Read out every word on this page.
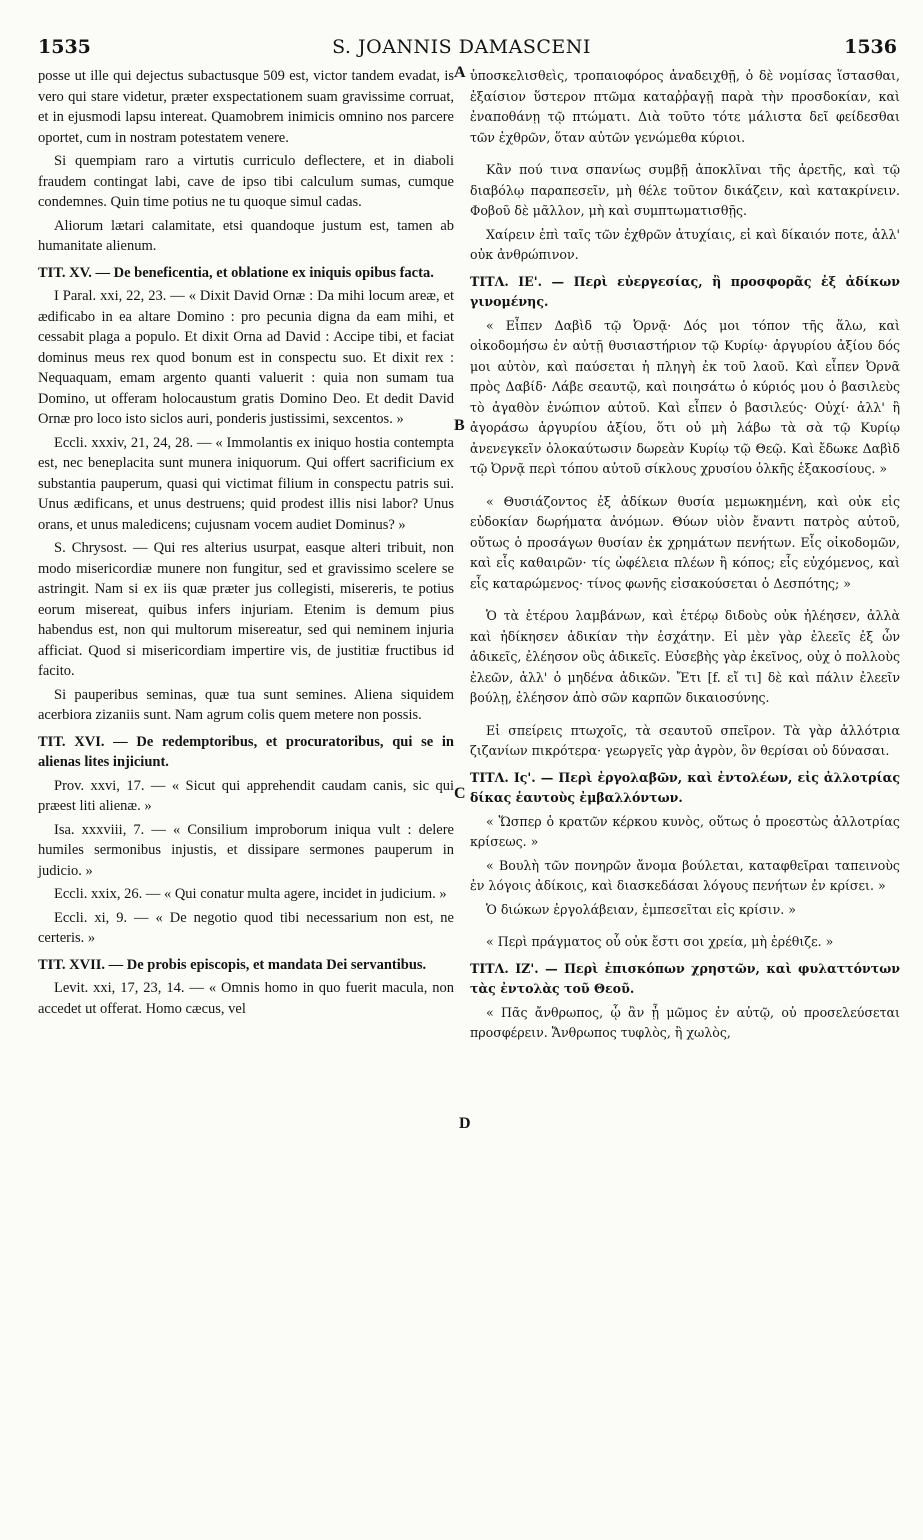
1535	S. JOANNIS DAMASCENI	1536
A
B
C
D

posse ut ille qui dejectus subactusque 509 est, victor tandem evadat, is vero qui stare videtur, præter exspectationem suam gravissime corruat, et in ejusmodi lapsu intereat. Quamobrem inimicis omnino nos parcere oportet, cum in nostram potestatem venere.

Si quempiam raro a virtutis curriculo deflectere, et in diaboli fraudem contingat labi, cave de ipso tibi calculum sumas, cumque condemnes. Quin time potius ne tu quoque simul cadas.

Aliorum lætari calamitate, etsi quandoque justum est, tamen ab humanitate alienum.

TIT. XV. — De beneficentia, et oblatione ex iniquis opibus facta.

I Paral. xxi, 22, 23. — « Dixit David Ornæ : Da mihi locum areæ, et ædificabo in ea altare Domino : pro pecunia digna da eam mihi, et cessabit plaga a populo. Et dixit Orna ad David : Accipe tibi, et faciat dominus meus rex quod bonum est in conspectu suo. Et dixit rex : Nequaquam, emam argento quanti valuerit : quia non sumam tua Domino, ut offeram holocaustum gratis Domino Deo. Et dedit David Ornæ pro loco isto siclos auri, ponderis justissimi, sexcentos. »

Eccli. xxxiv, 21, 24, 28. — « Immolantis ex iniquo hostia contempta est, nec beneplacita sunt munera iniquorum. Qui offert sacrificium ex substantia pauperum, quasi qui victimat filium in conspectu patris sui. Unus ædificans, et unus destruens; quid prodest illis nisi labor? Unus orans, et unus maledicens; cujusnam vocem audiet Dominus? »

S. Chrysost. — Qui res alterius usurpat, easque alteri tribuit, non modo misericordiæ munere non fungitur, sed et gravissimo scelere se astringit. Nam si ex iis quæ præter jus collegisti, misereris, te potius eorum misereat, quibus infers injuriam. Etenim is demum pius habendus est, non qui multorum misereatur, sed qui neminem injuria afficiat. Quod si misericordiam impertire vis, de justitiæ fructibus id facito.

Si pauperibus seminas, quæ tua sunt semines. Aliena siquidem acerbiora zizaniis sunt. Nam agrum colis quem metere non possis.

TIT. XVI. — De redemptoribus, et procuratoribus, qui se in alienas lites injiciunt.

Prov. xxvi, 17. — « Sicut qui apprehendit caudam canis, sic qui præest liti alienæ. »

Isa. xxxviii, 7. — « Consilium improborum iniqua vult : delere humiles sermonibus injustis, et dissipare sermones pauperum in judicio. »

Eccli. xxix, 26. — « Qui conatur multa agere, incidet in judicium. »

Eccli. xi, 9. — « De negotio quod tibi necessarium non est, ne certeris. »

TIT. XVII. — De probis episcopis, et mandata Dei servantibus.

Levit. xxi, 17, 23, 14. — « Omnis homo in quo fuerit macula, non accedet ut offerat. Homo cæcus, vel

ὑποσκελισθεὶς, τροπαιοφόρος ἀναδειχθῇ, ὁ δὲ νομίσας ἵστασθαι, ἐξαίσιον ὕστερον πτῶμα καταῤῥαγῇ παρὰ τὴν προσδοκίαν, καὶ ἐναποθάνῃ τῷ πτώματι. Διὰ τοῦτο τότε μάλιστα δεῖ φείδεσθαι τῶν ἐχθρῶν, ὅταν αὐτῶν γενώμεθα κύριοι.

Κἂν πού τινα σπανίως συμβῇ ἀποκλῖναι τῆς ἀρετῆς, καὶ τῷ διαβόλῳ παραπεσεῖν, μὴ θέλε τοῦτον δικάζειν, καὶ κατακρίνειν. Φοβοῦ δὲ μᾶλλον, μὴ καὶ συμπτωματισθῇς.

Χαίρειν ἐπὶ ταῖς τῶν ἐχθρῶν ἀτυχίαις, εἰ καὶ δίκαιόν ποτε, ἀλλ' οὐκ ἀνθρώπινον.

ΤΙΤΛ. ΙΕ'. — Περὶ εὐεργεσίας, ἢ προσφορᾶς ἐξ ἀδίκων γινομένης.

« Εἶπεν Δαβὶδ τῷ Ὀρνᾷ· Δός μοι τόπον τῆς ἅλω, καὶ οἰκοδομήσω ἐν αὐτῇ θυσιαστήριον τῷ Κυρίῳ· ἀργυρίου ἀξίου δός μοι αὐτὸν, καὶ παύσεται ἡ πληγὴ ἐκ τοῦ λαοῦ. Καὶ εἶπεν Ὀρνᾶ πρὸς Δαβίδ· Λάβε σεαυτῷ, καὶ ποιησάτω ὁ κύριός μου ὁ βασιλεὺς τὸ ἀγαθὸν ἐνώπιον αὐτοῦ. Καὶ εἶπεν ὁ βασιλεύς· Οὐχί· ἀλλ' ἢ ἀγοράσω ἀργυρίου ἀξίου, ὅτι οὐ μὴ λάβω τὰ σὰ τῷ Κυρίῳ ἀνενεγκεῖν ὁλοκαύτωσιν δωρεὰν Κυρίῳ τῷ Θεῷ. Καὶ ἔδωκε Δαβὶδ τῷ Ὀρνᾷ περὶ τόπου αὐτοῦ σίκλους χρυσίου ὁλκῆς ἑξακοσίους. »

« Θυσιάζοντος ἐξ ἀδίκων θυσία μεμωκημένη, καὶ οὐκ εἰς εὐδοκίαν δωρήματα ἀνόμων. Θύων υἱὸν ἔναντι πατρὸς αὐτοῦ, οὕτως ὁ προσάγων θυσίαν ἐκ χρημάτων πενήτων. Εἷς οἰκοδομῶν, καὶ εἷς καθαιρῶν· τίς ὠφέλεια πλέων ἢ κόπος; εἷς εὐχόμενος, καὶ εἷς καταρώμενος· τίνος φωνῆς εἰσακούσεται ὁ Δεσπότης; »

Ὁ τὰ ἑτέρου λαμβάνων, καὶ ἑτέρῳ διδοὺς οὐκ ἠλέησεν, ἀλλὰ καὶ ἠδίκησεν ἀδικίαν τὴν ἐσχάτην. Εἰ μὲν γὰρ ἐλεεῖς ἐξ ὧν ἀδικεῖς, ἐλέησον οὓς ἀδικεῖς. Εὐσεβὴς γὰρ ἐκεῖνος, οὐχ ὁ πολλοὺς ἐλεῶν, ἀλλ' ὁ μηδένα ἀδικῶν. Ἔτι [f. εἴ τι] δὲ καὶ πάλιν ἐλεεῖν βούλῃ, ἐλέησον ἀπὸ σῶν καρπῶν δικαιοσύνης.

Εἰ σπείρεις πτωχοῖς, τὰ σεαυτοῦ σπεῖρον. Τὰ γὰρ ἀλλότρια ζιζανίων πικρότερα· γεωργεῖς γὰρ ἀγρὸν, ὃν θερίσαι οὐ δύνασαι.

ΤΙΤΛ. Ις'. — Περὶ ἐργολαβῶν, καὶ ἐντολέων, εἰς ἀλλοτρίας δίκας ἑαυτοὺς ἐμβαλλόντων.

« Ὥσπερ ὁ κρατῶν κέρκου κυνὸς, οὕτως ὁ προεστὼς ἀλλοτρίας κρίσεως. »

« Βουλὴ τῶν πονηρῶν ἄνομα βούλεται, καταφθεῖραι ταπεινοὺς ἐν λόγοις ἀδίκοις, καὶ διασκεδάσαι λόγους πενήτων ἐν κρίσει. »

Ὁ διώκων ἐργολάβειαν, ἐμπεσεῖται εἰς κρίσιν. »

« Περὶ πράγματος οὗ οὐκ ἔστι σοι χρεία, μὴ ἐρέθιζε. »

ΤΙΤΛ. ΙΖ'. — Περὶ ἐπισκόπων χρηστῶν, καὶ φυλαττόντων τὰς ἐντολὰς τοῦ Θεοῦ.

« Πᾶς ἄνθρωπος, ᾧ ἂν ᾖ μῶμος ἐν αὐτῷ, οὐ προσελεύσεται προσφέρειν. Ἄνθρωπος τυφλὸς, ἢ χωλὸς,
